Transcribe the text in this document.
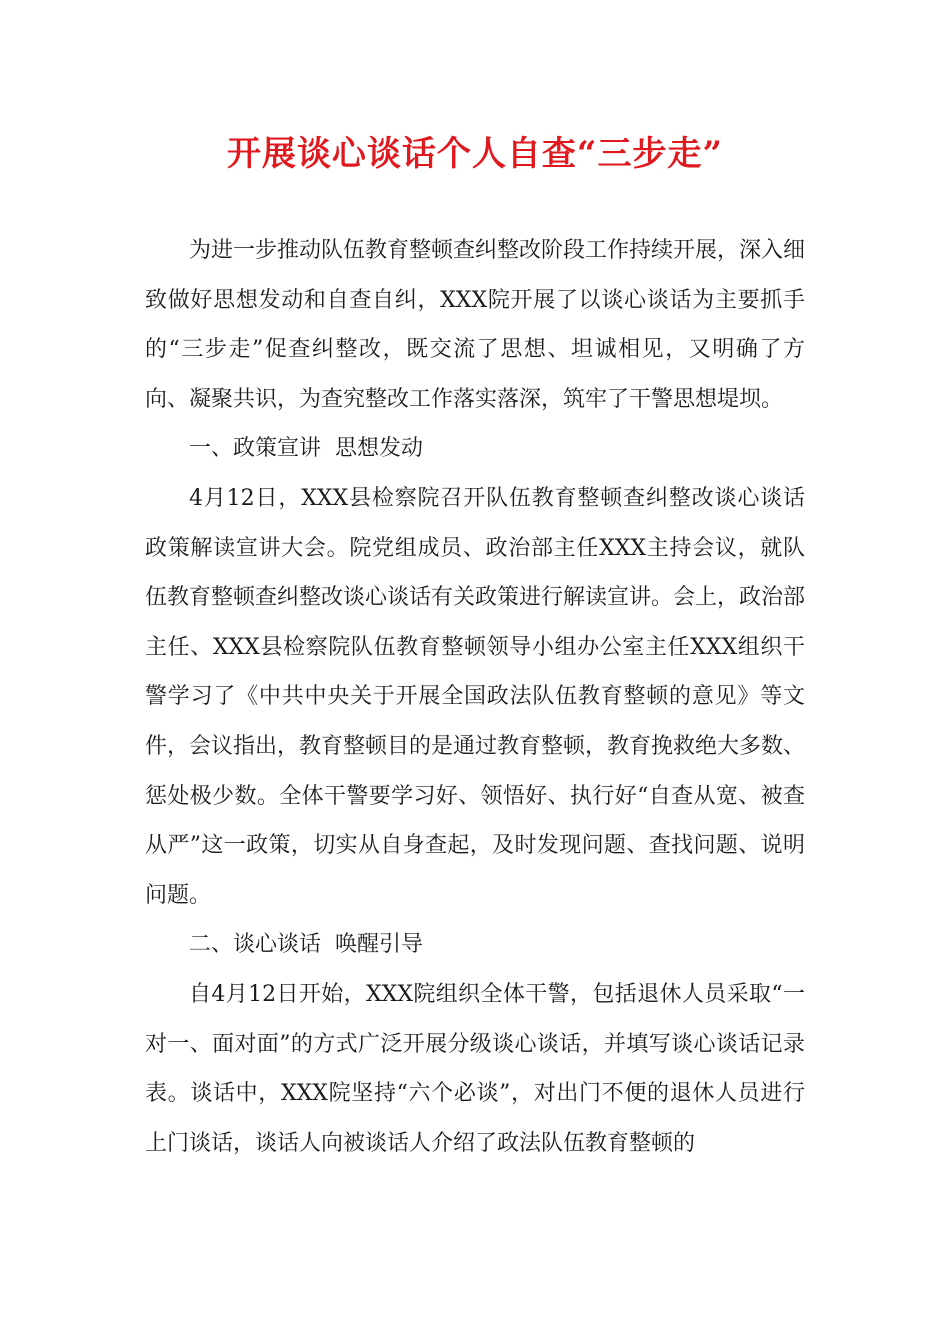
开展谈心谈话个人自查“三步走”

为进一步推动队伍教育整顿查纠整改阶段工作持续开展，深入细致做好思想发动和自查自纠，XXX院开展了以谈心谈话为主要抓手的“三步走”促查纠整改，既交流了思想、坦诚相见，又明确了方向、凝聚共识，为查究整改工作落实落深，筑牢了干警思想堤坝。

一、政策宣讲  思想发动

4月12日，XXX县检察院召开队伍教育整顿查纠整改谈心谈话政策解读宣讲大会。院党组成员、政治部主任XXX主持会议，就队伍教育整顿查纠整改谈心谈话有关政策进行解读宣讲。会上，政治部主任、XXX县检察院队伍教育整顿领导小组办公室主任XXX组织干警学习了《中共中央关于开展全国政法队伍教育整顿的意见》等文件，会议指出，教育整顿目的是通过教育整顿，教育挽救绝大多数、惩处极少数。全体干警要学习好、领悟好、执行好“自查从宽、被查从严”这一政策，切实从自身查起，及时发现问题、查找问题、说明问题。

二、谈心谈话  唤醒引导

自4月12日开始，XXX院组织全体干警，包括退休人员采取“一对一、面对面”的方式广泛开展分级谈心谈话，并填写谈心谈话记录表。谈话中，XXX院坚持“六个必谈”，对出门不便的退休人员进行上门谈话，谈话人向被谈话人介绍了政法队伍教育整顿的
